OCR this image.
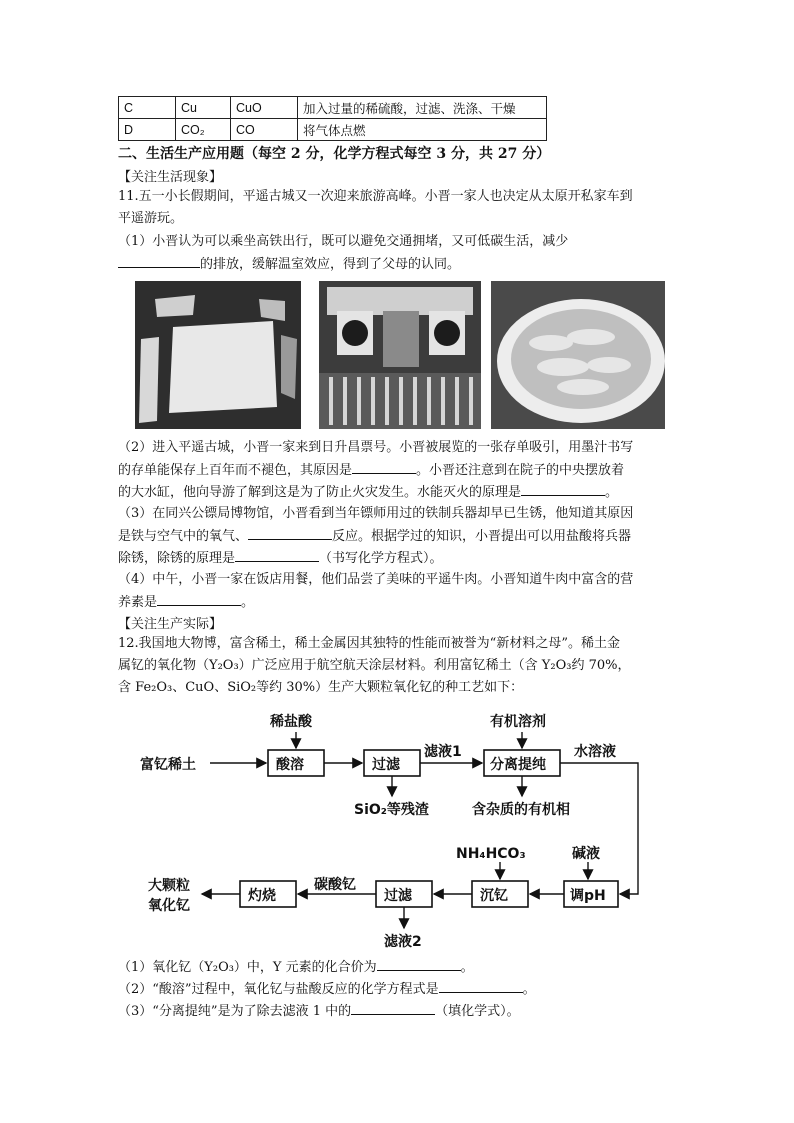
C	Cu	CuO	加入过量的稀硫酸，过滤、洗涤、干燥
D	CO₂	CO	将气体点燃
二、生活生产应用题（每空 2 分，化学方程式每空 3 分，共 27 分）
【关注生活现象】
11.五一小长假期间，平遥古城又一次迎来旅游高峰。小晋一家人也决定从太原开私家车到
平遥游玩。
（1）小晋认为可以乘坐高铁出行，既可以避免交通拥堵，又可低碳生活，减少
的排放，缓解温室效应，得到了父母的认同。
（2）进入平遥古城，小晋一家来到日升昌票号。小晋被展览的一张存单吸引，用墨汁书写
的存单能保存上百年而不褪色，其原因是	。小晋还注意到在院子的中央摆放着
的大水缸，他向导游了解到这是为了防止火灾发生。水能灭火的原理是	。
（3）在同兴公镖局博物馆，小晋看到当年镖师用过的铁制兵器却早已生锈，他知道其原因
是铁与空气中的氧气、	反应。根据学过的知识，小晋提出可以用盐酸将兵器
除锈，除锈的原理是	（书写化学方程式）。
（4）中午，小晋一家在饭店用餐，他们品尝了美味的平遥牛肉。小晋知道牛肉中富含的营
养素是	。
【关注生产实际】
12.我国地大物博，富含稀土，稀土金属因其独特的性能而被誉为“新材料之母”。稀土金
属钇的氧化物（Y₂O₃）广泛应用于航空航天涂层材料。利用富钇稀土（含 Y₂O₃约 70%，
含 Fe₂O₃、CuO、SiO₂等约 30%）生产大颗粒氧化钇的种工艺如下：
稀盐酸	有机溶剂
富钇稀土	酸溶	过滤	分离提纯
滤液1	水溶液
SiO₂等残渣	含杂质的有机相
NH₄HCO₃	碱液
调pH
沉钇
过滤
灼烧
碳酸钇
大颗粒
氧化钇
滤液2
（1）氧化钇（Y₂O₃）中，Y 元素的化合价为	。
（2）“酸溶”过程中，氧化钇与盐酸反应的化学方程式是	。
（3）“分离提纯”是为了除去滤液 1 中的	（填化学式）。
